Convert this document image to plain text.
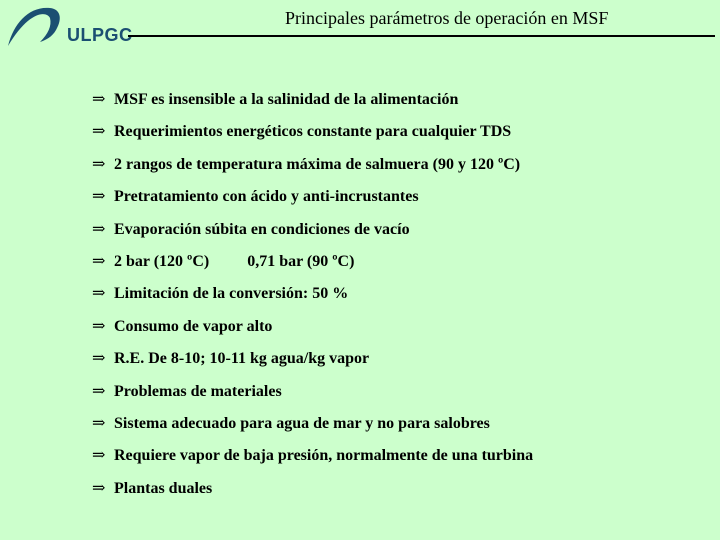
ULPGC
Principales parámetros de operación en MSF
⇒ MSF es insensible a la salinidad de la alimentación
⇒ Requerimientos energéticos constante para cualquier TDS
⇒ 2 rangos de temperatura máxima de salmuera (90 y 120 ºC)
⇒ Pretratamiento con ácido y anti-incrustantes
⇒ Evaporación súbita en condiciones de vacío
⇒ 2 bar (120 ºC) 0,71 bar (90 ºC)
⇒ Limitación de la conversión: 50 %
⇒ Consumo de vapor alto
⇒ R.E. De 8-10; 10-11 kg agua/kg vapor
⇒ Problemas de materiales
⇒ Sistema adecuado para agua de mar y no para salobres
⇒ Requiere vapor de baja presión, normalmente de una turbina
⇒ Plantas duales
